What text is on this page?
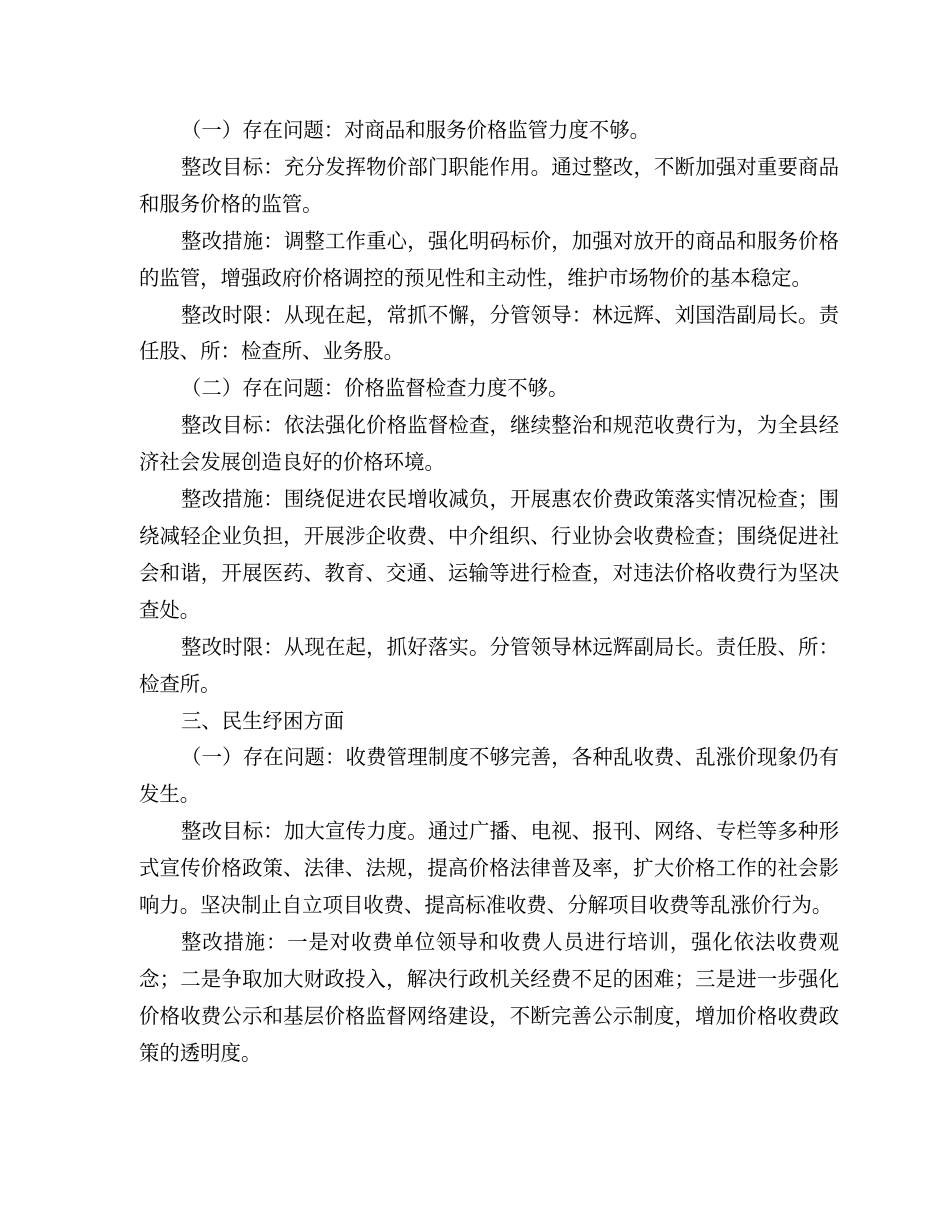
（一）存在问题：对商品和服务价格监管力度不够。

整改目标：充分发挥物价部门职能作用。通过整改，不断加强对重要商品和服务价格的监管。

整改措施：调整工作重心，强化明码标价，加强对放开的商品和服务价格的监管，增强政府价格调控的预见性和主动性，维护市场物价的基本稳定。

整改时限：从现在起，常抓不懈，分管领导：林远辉、刘国浩副局长。责任股、所：检查所、业务股。

（二）存在问题：价格监督检查力度不够。

整改目标：依法强化价格监督检查，继续整治和规范收费行为，为全县经济社会发展创造良好的价格环境。

整改措施：围绕促进农民增收减负，开展惠农价费政策落实情况检查；围绕减轻企业负担，开展涉企收费、中介组织、行业协会收费检查；围绕促进社会和谐，开展医药、教育、交通、运输等进行检查，对违法价格收费行为坚决查处。

整改时限：从现在起，抓好落实。分管领导林远辉副局长。责任股、所：检查所。

三、民生纾困方面

（一）存在问题：收费管理制度不够完善，各种乱收费、乱涨价现象仍有发生。

整改目标：加大宣传力度。通过广播、电视、报刊、网络、专栏等多种形式宣传价格政策、法律、法规，提高价格法律普及率，扩大价格工作的社会影响力。坚决制止自立项目收费、提高标准收费、分解项目收费等乱涨价行为。

整改措施：一是对收费单位领导和收费人员进行培训，强化依法收费观念；二是争取加大财政投入，解决行政机关经费不足的困难；三是进一步强化价格收费公示和基层价格监督网络建设，不断完善公示制度，增加价格收费政策的透明度。
